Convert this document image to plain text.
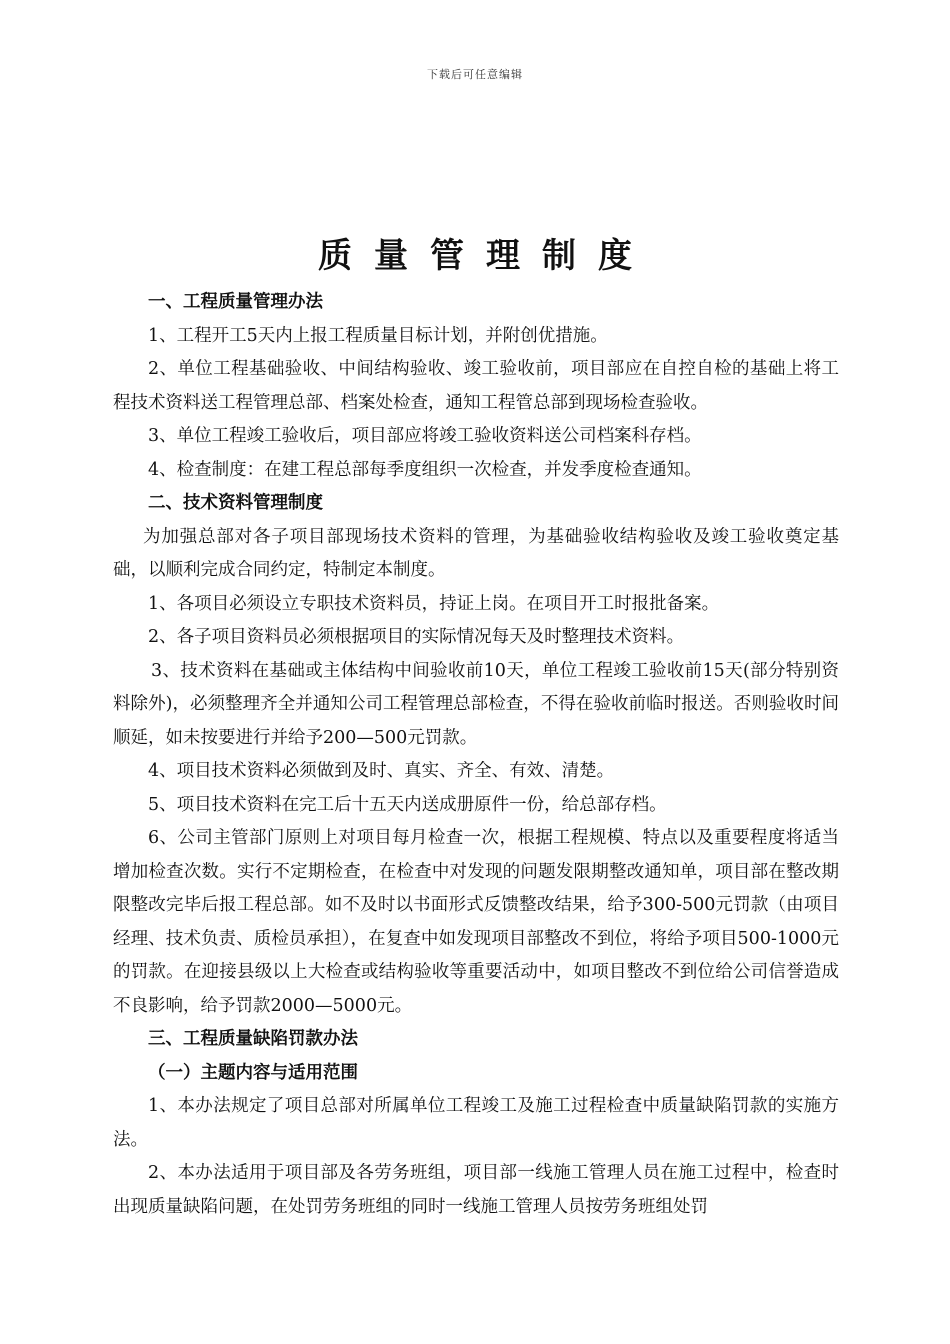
下载后可任意编辑
质量管理制度

一、工程质量管理办法

1、工程开工5天内上报工程质量目标计划，并附创优措施。

2、单位工程基础验收、中间结构验收、竣工验收前，项目部应在自控自检的基础上将工程技术资料送工程管理总部、档案处检查，通知工程管总部到现场检查验收。

3、单位工程竣工验收后，项目部应将竣工验收资料送公司档案科存档。

4、检查制度：在建工程总部每季度组织一次检查，并发季度检查通知。

二、技术资料管理制度

为加强总部对各子项目部现场技术资料的管理，为基础验收结构验收及竣工验收奠定基础，以顺利完成合同约定，特制定本制度。

1、各项目必须设立专职技术资料员，持证上岗。在项目开工时报批备案。

2、各子项目资料员必须根据项目的实际情况每天及时整理技术资料。

3、技术资料在基础或主体结构中间验收前10天，单位工程竣工验收前15天(部分特别资料除外)，必须整理齐全并通知公司工程管理总部检查，不得在验收前临时报送。否则验收时间顺延，如未按要进行并给予200—500元罚款。

4、项目技术资料必须做到及时、真实、齐全、有效、清楚。

5、项目技术资料在完工后十五天内送成册原件一份，给总部存档。

6、公司主管部门原则上对项目每月检查一次，根据工程规模、特点以及重要程度将适当增加检查次数。实行不定期检查，在检查中对发现的问题发限期整改通知单，项目部在整改期限整改完毕后报工程总部。如不及时以书面形式反馈整改结果，给予300-500元罚款（由项目经理、技术负责、质检员承担），在复查中如发现项目部整改不到位，将给予项目500-1000元的罚款。在迎接县级以上大检查或结构验收等重要活动中，如项目整改不到位给公司信誉造成不良影响，给予罚款2000—5000元。

三、工程质量缺陷罚款办法

（一）主题内容与适用范围

1、本办法规定了项目总部对所属单位工程竣工及施工过程检查中质量缺陷罚款的实施方法。

2、本办法适用于项目部及各劳务班组，项目部一线施工管理人员在施工过程中，检查时出现质量缺陷问题，在处罚劳务班组的同时一线施工管理人员按劳务班组处罚
